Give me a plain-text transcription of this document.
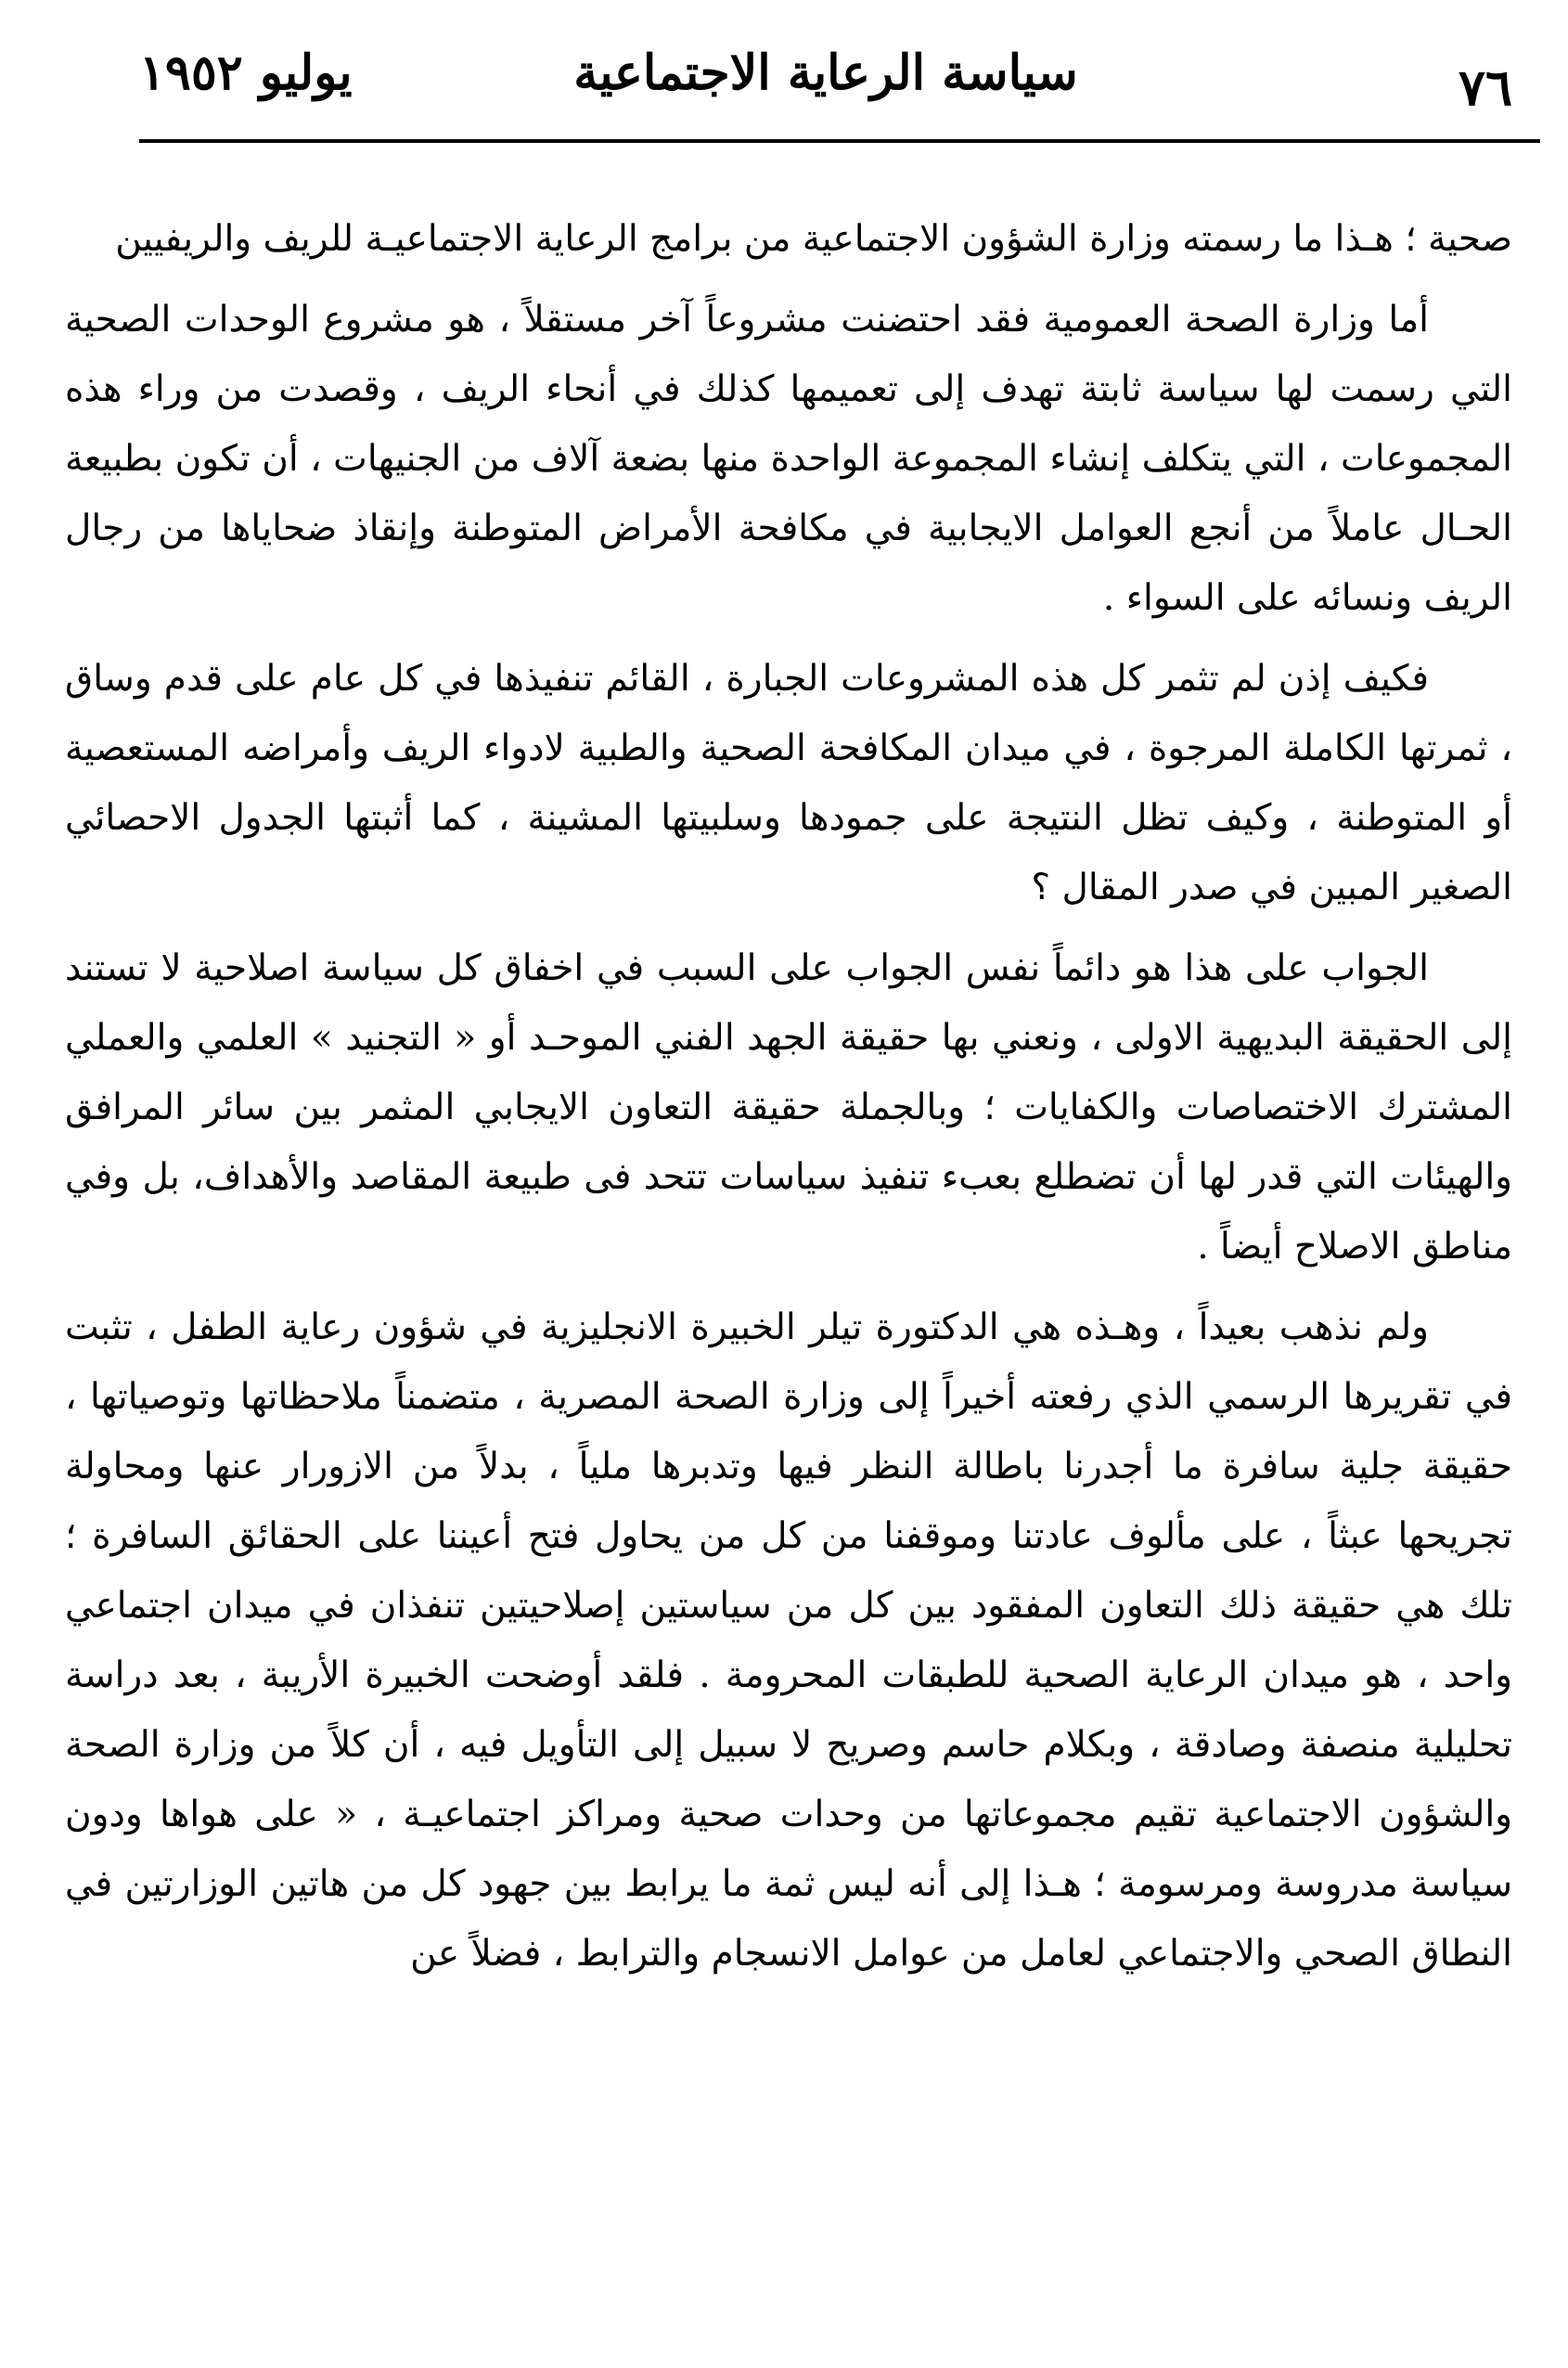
٧٦
سياسة الرعاية الاجتماعية
يوليو ١٩٥٢

صحية ؛ هـذا ما رسمته وزارة الشؤون الاجتماعية من برامج الرعاية الاجتماعيـة للريف والريفيين

أما وزارة الصحة العمومية فقد احتضنت مشروعاً آخر مستقلاً ، هو مشروع الوحدات الصحية التي رسمت لها سياسة ثابتة تهدف إلى تعميمها كذلك في أنحاء الريف ، وقصدت من وراء هذه المجموعات ، التي يتكلف إنشاء المجموعة الواحدة منها بضعة آلاف من الجنيهات ، أن تكون بطبيعة الحـال عاملاً من أنجع العوامل الايجابية في مكافحة الأمراض المتوطنة وإنقاذ ضحاياها من رجال الريف ونسائه على السواء .

فكيف إذن لم تثمر كل هذه المشروعات الجبارة ، القائم تنفيذها في كل عام على قدم وساق ، ثمرتها الكاملة المرجوة ، في ميدان المكافحة الصحية والطبية لادواء الريف وأمراضه المستعصية أو المتوطنة ، وكيف تظل النتيجة على جمودها وسلبيتها المشينة ، كما أثبتها الجدول الاحصائي الصغير المبين في صدر المقال ؟

الجواب على هذا هو دائماً نفس الجواب على السبب في اخفاق كل سياسة اصلاحية لا تستند إلى الحقيقة البديهية الاولى ، ونعني بها حقيقة الجهد الفني الموحـد أو « التجنيد » العلمي والعملي المشترك الاختصاصات والكفايات ؛ وبالجملة حقيقة التعاون الايجابي المثمر بين سائر المرافق والهيئات التي قدر لها أن تضطلع بعبء تنفيذ سياسات تتحد فى طبيعة المقاصد والأهداف، بل وفي مناطق الاصلاح أيضاً .

ولم نذهب بعيداً ، وهـذه هي الدكتورة تيلر الخبيرة الانجليزية في شؤون رعاية الطفل ، تثبت في تقريرها الرسمي الذي رفعته أخيراً إلى وزارة الصحة المصرية ، متضمناً ملاحظاتها وتوصياتها ، حقيقة جلية سافرة ما أجدرنا باطالة النظر فيها وتدبرها ملياً ، بدلاً من الازورار عنها ومحاولة تجريحها عبثاً ، على مألوف عادتنا وموقفنا من كل من يحاول فتح أعيننا على الحقائق السافرة ؛ تلك هي حقيقة ذلك التعاون المفقود بين كل من سياستين إصلاحيتين تنفذان في ميدان اجتماعي واحد ، هو ميدان الرعاية الصحية للطبقات المحرومة . فلقد أوضحت الخبيرة الأريبة ، بعد دراسة تحليلية منصفة وصادقة ، وبكلام حاسم وصريح لا سبيل إلى التأويل فيه ، أن كلاً من وزارة الصحة والشؤون الاجتماعية تقيم مجموعاتها من وحدات صحية ومراكز اجتماعيـة ، « على هواها ودون سياسة مدروسة ومرسومة ؛ هـذا إلى أنه ليس ثمة ما يرابط بين جهود كل من هاتين الوزارتين في النطاق الصحي والاجتماعي لعامل من عوامل الانسجام والترابط ، فضلاً عن
